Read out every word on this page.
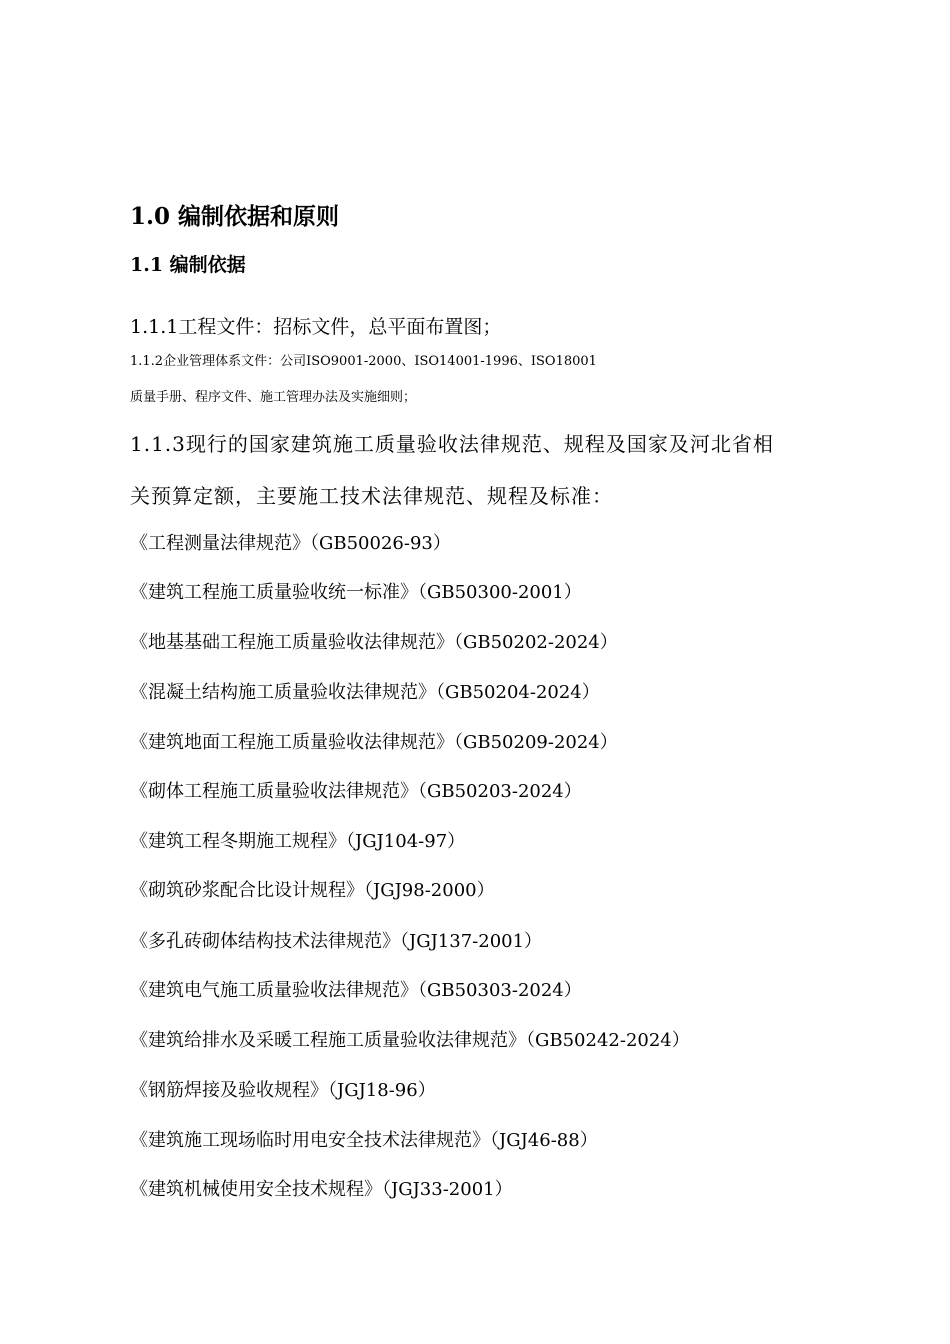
1.0 编制依据和原则
1.1 编制依据

1.1.1工程文件：招标文件，总平面布置图；

1.1.2企业管理体系文件：公司ISO9001-2000、ISO14001-1996、ISO18001

质量手册、程序文件、施工管理办法及实施细则；

1.1.3现行的国家建筑施工质量验收法律规范、规程及国家及河北省相

关预算定额，主要施工技术法律规范、规程及标准：

《工程测量法律规范》（GB50026-93）

《建筑工程施工质量验收统一标准》（GB50300-2001）

《地基基础工程施工质量验收法律规范》（GB50202-2024）

《混凝土结构施工质量验收法律规范》（GB50204-2024）

《建筑地面工程施工质量验收法律规范》（GB50209-2024）

《砌体工程施工质量验收法律规范》（GB50203-2024）

《建筑工程冬期施工规程》（JGJ104-97）

《砌筑砂浆配合比设计规程》（JGJ98-2000）

《多孔砖砌体结构技术法律规范》（JGJ137-2001）

《建筑电气施工质量验收法律规范》（GB50303-2024）

《建筑给排水及采暖工程施工质量验收法律规范》（GB50242-2024）

《钢筋焊接及验收规程》（JGJ18-96）

《建筑施工现场临时用电安全技术法律规范》（JGJ46-88）

《建筑机械使用安全技术规程》（JGJ33-2001）
